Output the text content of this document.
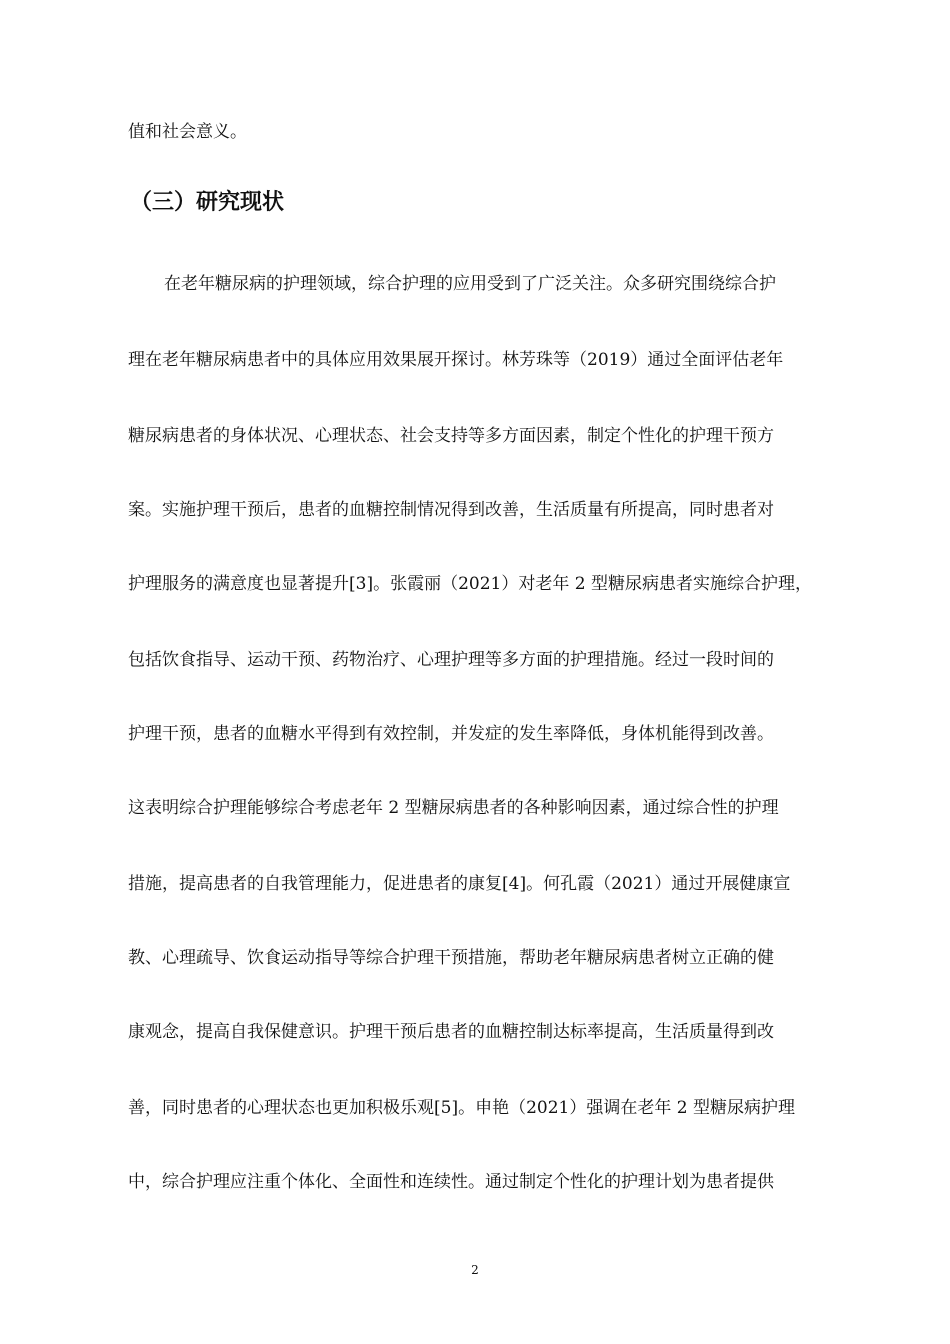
值和社会意义。
（三）研究现状
在老年糖尿病的护理领域，综合护理的应用受到了广泛关注。众多研究围绕综合护
理在老年糖尿病患者中的具体应用效果展开探讨。林芳珠等（2019）通过全面评估老年
糖尿病患者的身体状况、心理状态、社会支持等多方面因素，制定个性化的护理干预方
案。实施护理干预后，患者的血糖控制情况得到改善，生活质量有所提高，同时患者对
护理服务的满意度也显著提升[3]。张霞丽（2021）对老年 2 型糖尿病患者实施综合护理，
包括饮食指导、运动干预、药物治疗、心理护理等多方面的护理措施。经过一段时间的
护理干预，患者的血糖水平得到有效控制，并发症的发生率降低，身体机能得到改善。
这表明综合护理能够综合考虑老年 2 型糖尿病患者的各种影响因素，通过综合性的护理
措施，提高患者的自我管理能力，促进患者的康复[4]。何孔霞（2021）通过开展健康宣
教、心理疏导、饮食运动指导等综合护理干预措施，帮助老年糖尿病患者树立正确的健
康观念，提高自我保健意识。护理干预后患者的血糖控制达标率提高，生活质量得到改
善，同时患者的心理状态也更加积极乐观[5]。申艳（2021）强调在老年 2 型糖尿病护理
中，综合护理应注重个体化、全面性和连续性。通过制定个性化的护理计划为患者提供
2
